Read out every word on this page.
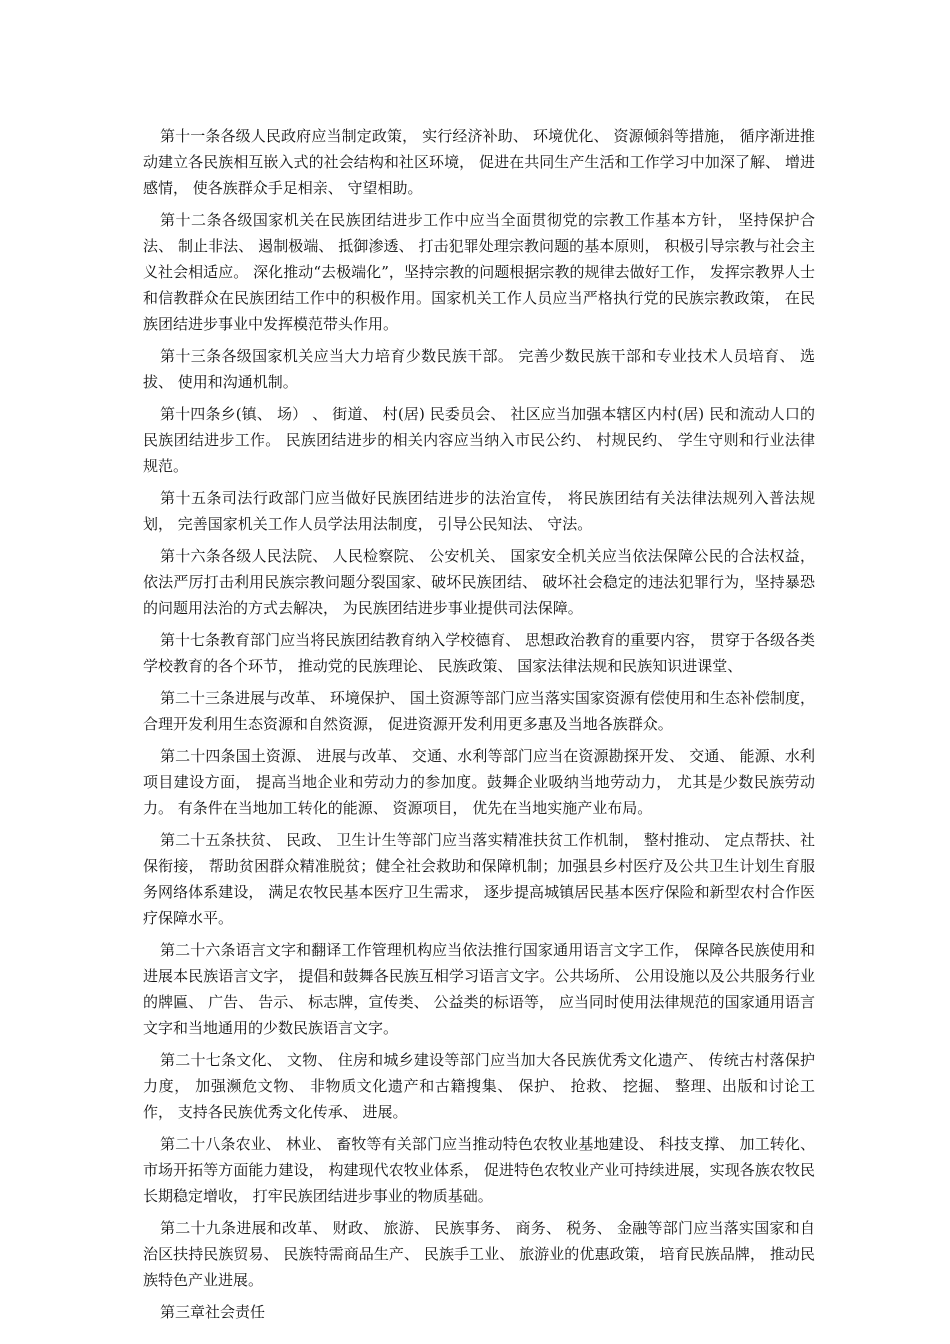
第十一条各级人民政府应当制定政策， 实行经济补助、 环境优化、 资源倾斜等措施， 循序渐进推动建立各民族相互嵌入式的社会结构和社区环境， 促进在共同生产生活和工作学习中加深了解、 增进感情， 使各族群众手足相亲、 守望相助。

第十二条各级国家机关在民族团结进步工作中应当全面贯彻党的宗教工作基本方针， 坚持保护合法、 制止非法、 遏制极端、 抵御渗透、 打击犯罪处理宗教问题的基本原则， 积极引导宗教与社会主义社会相适应。 深化推动“去极端化”，坚持宗教的问题根据宗教的规律去做好工作， 发挥宗教界人士和信教群众在民族团结工作中的积极作用。国家机关工作人员应当严格执行党的民族宗教政策， 在民族团结进步事业中发挥模范带头作用。

第十三条各级国家机关应当大力培育少数民族干部。 完善少数民族干部和专业技术人员培育、 选拔、 使用和沟通机制。

第十四条乡(镇、 场） 、 街道、 村(居) 民委员会、 社区应当加强本辖区内村(居) 民和流动人口的民族团结进步工作。 民族团结进步的相关内容应当纳入市民公约、 村规民约、 学生守则和行业法律规范。

第十五条司法行政部门应当做好民族团结进步的法治宣传， 将民族团结有关法律法规列入普法规划， 完善国家机关工作人员学法用法制度， 引导公民知法、 守法。

第十六条各级人民法院、 人民检察院、 公安机关、 国家安全机关应当依法保障公民的合法权益， 依法严厉打击利用民族宗教问题分裂国家、破坏民族团结、 破坏社会稳定的违法犯罪行为，坚持暴恐的问题用法治的方式去解决， 为民族团结进步事业提供司法保障。

第十七条教育部门应当将民族团结教育纳入学校德育、 思想政治教育的重要内容， 贯穿于各级各类学校教育的各个环节， 推动党的民族理论、 民族政策、 国家法律法规和民族知识进课堂、

第二十三条进展与改革、 环境保护、 国土资源等部门应当落实国家资源有偿使用和生态补偿制度， 合理开发利用生态资源和自然资源， 促进资源开发利用更多惠及当地各族群众。

第二十四条国土资源、 进展与改革、 交通、水利等部门应当在资源勘探开发、 交通、 能源、水利项目建设方面， 提高当地企业和劳动力的参加度。鼓舞企业吸纳当地劳动力， 尤其是少数民族劳动力。 有条件在当地加工转化的能源、 资源项目， 优先在当地实施产业布局。

第二十五条扶贫、 民政、 卫生计生等部门应当落实精准扶贫工作机制， 整村推动、 定点帮扶、社保衔接， 帮助贫困群众精准脱贫；健全社会救助和保障机制；加强县乡村医疗及公共卫生计划生育服务网络体系建设， 满足农牧民基本医疗卫生需求， 逐步提高城镇居民基本医疗保险和新型农村合作医疗保障水平。

第二十六条语言文字和翻译工作管理机构应当依法推行国家通用语言文字工作， 保障各民族使用和进展本民族语言文字， 提倡和鼓舞各民族互相学习语言文字。公共场所、 公用设施以及公共服务行业的牌匾、 广告、 告示、 标志牌，宣传类、 公益类的标语等， 应当同时使用法律规范的国家通用语言文字和当地通用的少数民族语言文字。

第二十七条文化、 文物、 住房和城乡建设等部门应当加大各民族优秀文化遗产、 传统古村落保护力度， 加强濒危文物、 非物质文化遗产和古籍搜集、 保护、 抢救、 挖掘、 整理、出版和讨论工作， 支持各民族优秀文化传承、 进展。

第二十八条农业、 林业、 畜牧等有关部门应当推动特色农牧业基地建设、 科技支撑、 加工转化、 市场开拓等方面能力建设， 构建现代农牧业体系， 促进特色农牧业产业可持续进展，实现各族农牧民长期稳定增收， 打牢民族团结进步事业的物质基础。

第二十九条进展和改革、 财政、 旅游、 民族事务、 商务、 税务、 金融等部门应当落实国家和自治区扶持民族贸易、 民族特需商品生产、 民族手工业、 旅游业的优惠政策， 培育民族品牌， 推动民族特色产业进展。

第三章社会责任
